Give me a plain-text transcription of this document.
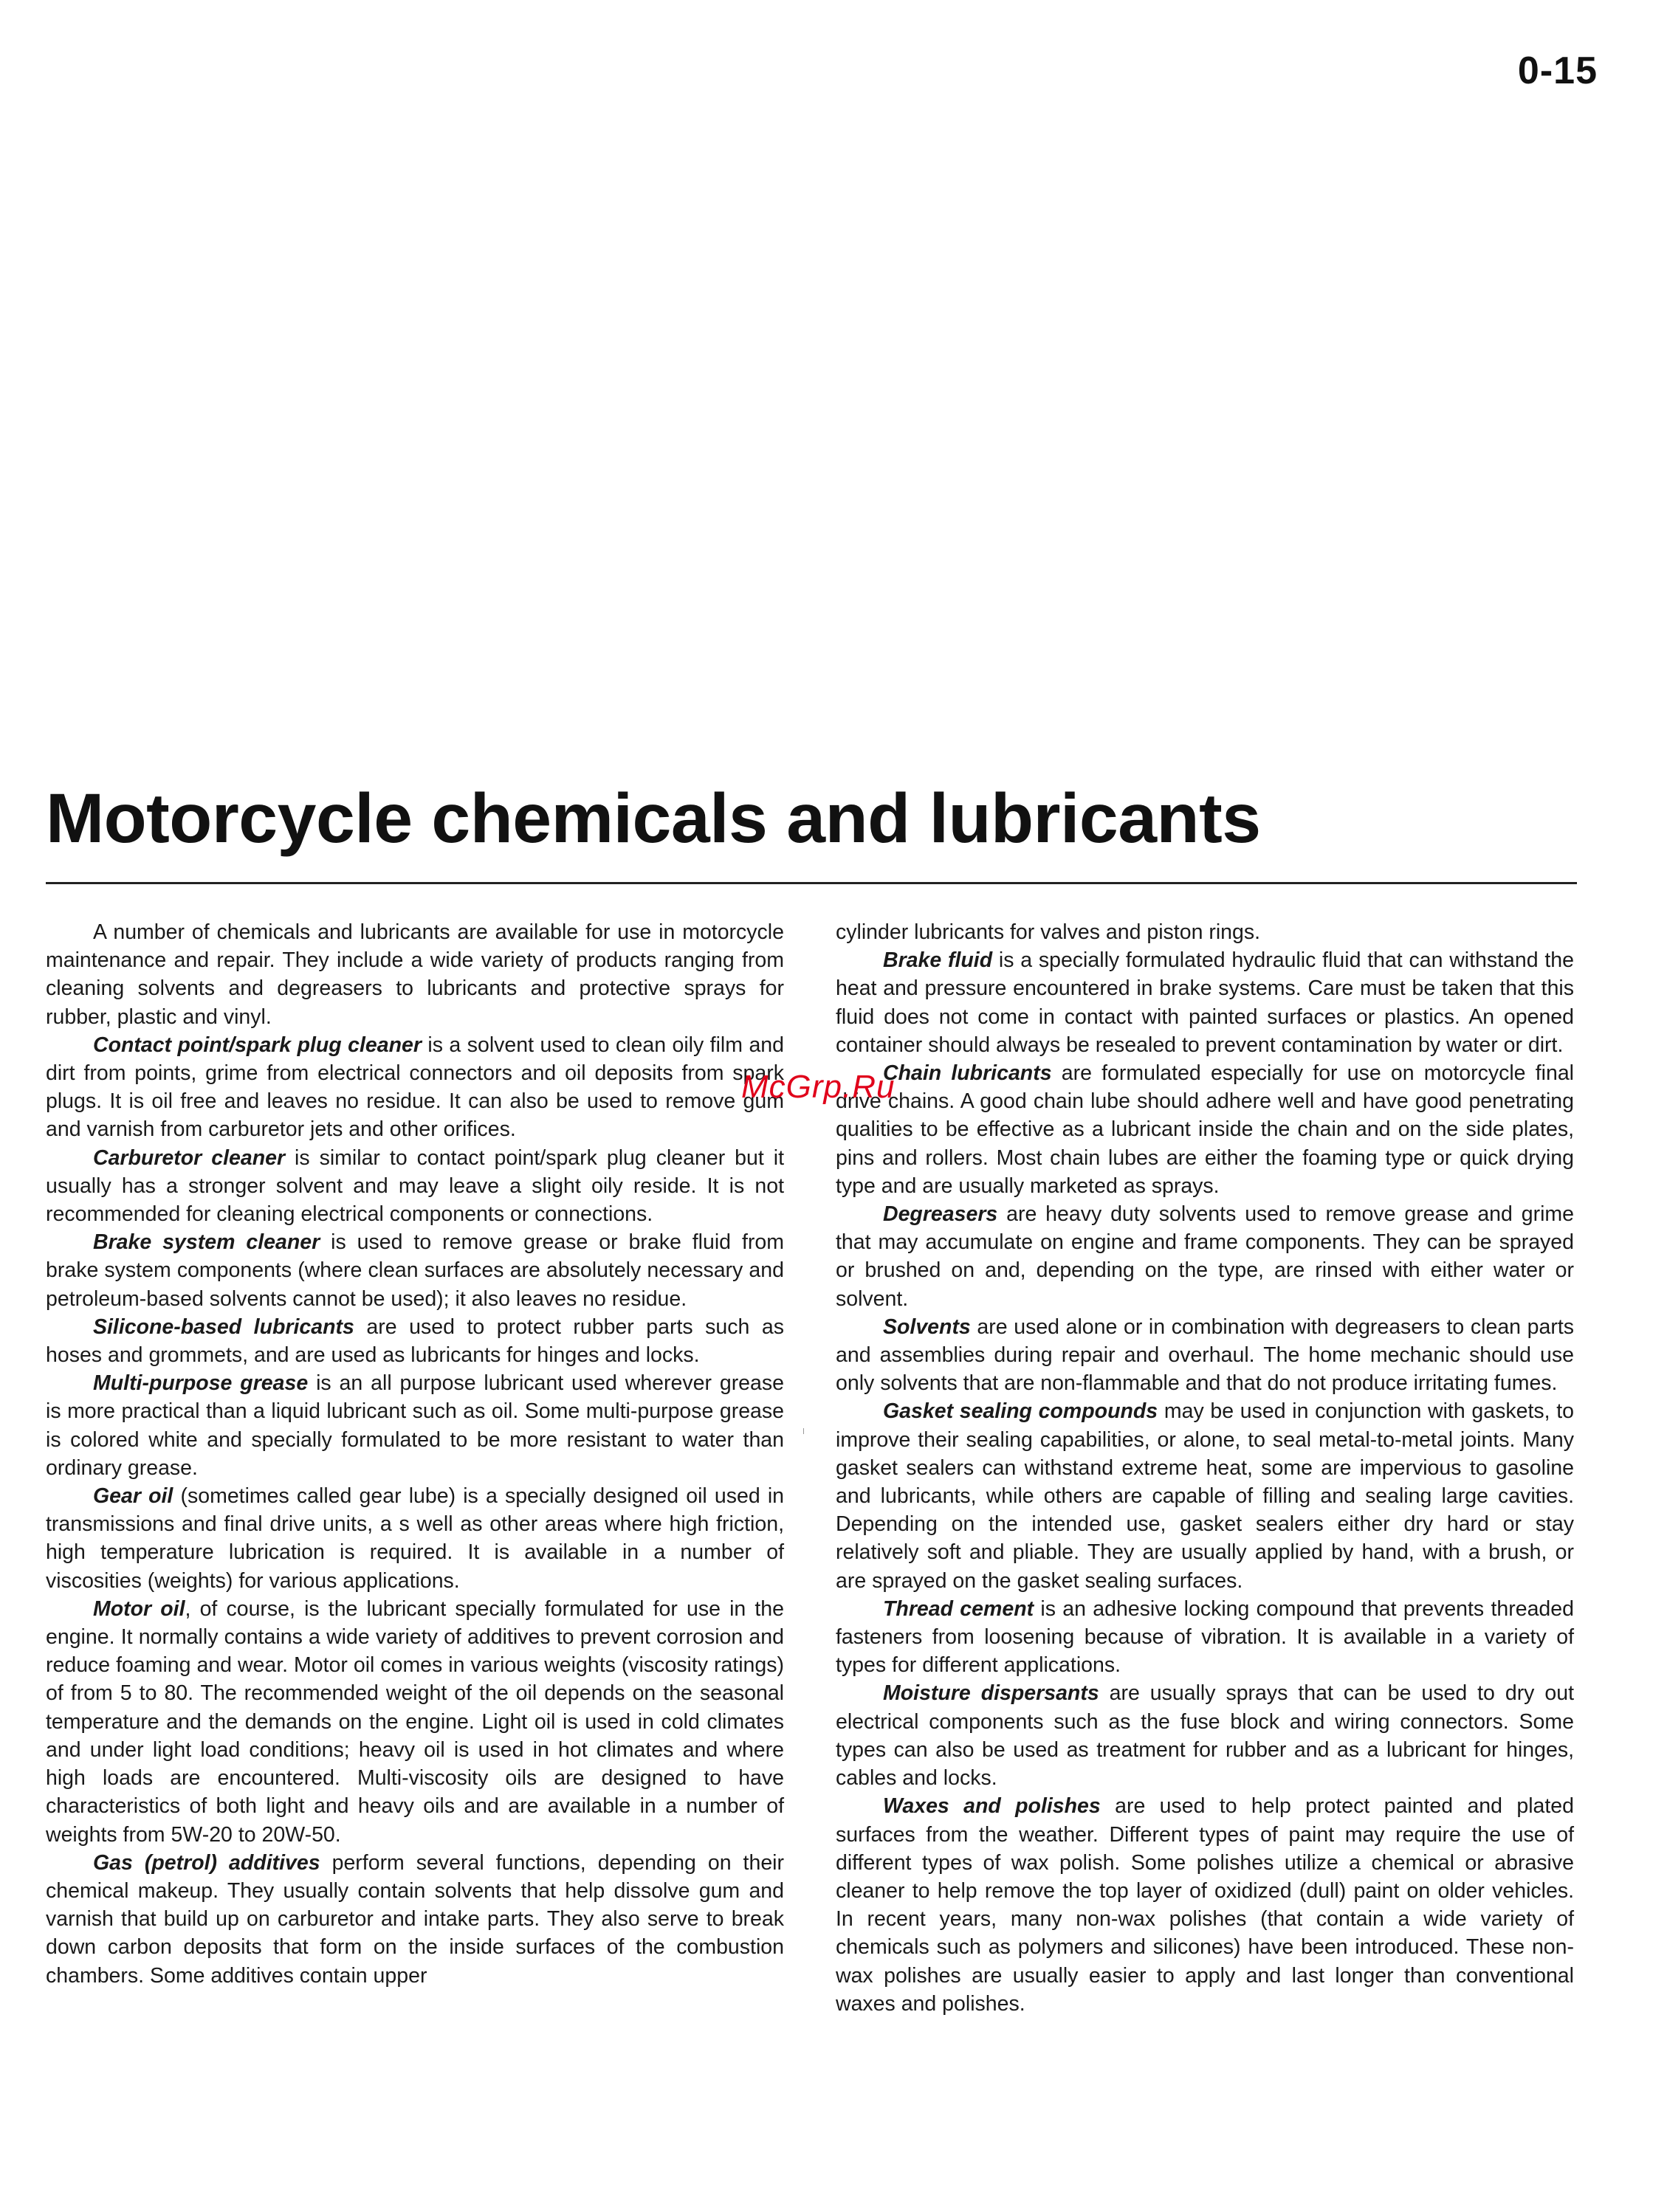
0-15
Motorcycle chemicals and lubricants

A number of chemicals and lubricants are available for use in motorcycle maintenance and repair. They include a wide variety of products ranging from cleaning solvents and degreasers to lubricants and protective sprays for rubber, plastic and vinyl.

Contact point/spark plug cleaner is a solvent used to clean oily film and dirt from points, grime from electrical connectors and oil deposits from spark plugs. It is oil free and leaves no residue. It can also be used to remove gum and varnish from carburetor jets and other orifices.

Carburetor cleaner is similar to contact point/spark plug cleaner but it usually has a stronger solvent and may leave a slight oily reside. It is not recommended for cleaning electrical components or connections.

Brake system cleaner is used to remove grease or brake fluid from brake system components (where clean surfaces are absolutely necessary and petroleum-based solvents cannot be used); it also leaves no residue.

Silicone-based lubricants are used to protect rubber parts such as hoses and grommets, and are used as lubricants for hinges and locks.

Multi-purpose grease is an all purpose lubricant used wherever grease is more practical than a liquid lubricant such as oil. Some multi-purpose grease is colored white and specially formulated to be more resistant to water than ordinary grease.

Gear oil (sometimes called gear lube) is a specially designed oil used in transmissions and final drive units, a s well as other areas where high friction, high temperature lubrication is required. It is available in a number of viscosities (weights) for various applications.

Motor oil, of course, is the lubricant specially formulated for use in the engine. It normally contains a wide variety of additives to prevent corrosion and reduce foaming and wear. Motor oil comes in various weights (viscosity ratings) of from 5 to 80. The recommended weight of the oil depends on the seasonal temperature and the demands on the engine. Light oil is used in cold climates and under light load conditions; heavy oil is used in hot climates and where high loads are encountered. Multi-viscosity oils are designed to have characteristics of both light and heavy oils and are available in a number of weights from 5W-20 to 20W-50.

Gas (petrol) additives perform several functions, depending on their chemical makeup. They usually contain solvents that help dissolve gum and varnish that build up on carburetor and intake parts. They also serve to break down carbon deposits that form on the inside surfaces of the combustion chambers. Some additives contain upper

cylinder lubricants for valves and piston rings.

Brake fluid is a specially formulated hydraulic fluid that can withstand the heat and pressure encountered in brake systems. Care must be taken that this fluid does not come in contact with painted surfaces or plastics. An opened container should always be resealed to prevent contamination by water or dirt.

Chain lubricants are formulated especially for use on motorcycle final drive chains. A good chain lube should adhere well and have good penetrating qualities to be effective as a lubricant inside the chain and on the side plates, pins and rollers. Most chain lubes are either the foaming type or quick drying type and are usually marketed as sprays.

Degreasers are heavy duty solvents used to remove grease and grime that may accumulate on engine and frame components. They can be sprayed or brushed on and, depending on the type, are rinsed with either water or solvent.

Solvents are used alone or in combination with degreasers to clean parts and assemblies during repair and overhaul. The home mechanic should use only solvents that are non-flammable and that do not produce irritating fumes.

Gasket sealing compounds may be used in conjunction with gaskets, to improve their sealing capabilities, or alone, to seal metal-to-metal joints. Many gasket sealers can withstand extreme heat, some are impervious to gasoline and lubricants, while others are capable of filling and sealing large cavities. Depending on the intended use, gasket sealers either dry hard or stay relatively soft and pliable. They are usually applied by hand, with a brush, or are sprayed on the gasket sealing surfaces.

Thread cement is an adhesive locking compound that prevents threaded fasteners from loosening because of vibration. It is available in a variety of types for different applications.

Moisture dispersants are usually sprays that can be used to dry out electrical components such as the fuse block and wiring connectors. Some types can also be used as treatment for rubber and as a lubricant for hinges, cables and locks.

Waxes and polishes are used to help protect painted and plated surfaces from the weather. Different types of paint may require the use of different types of wax polish. Some polishes utilize a chemical or abrasive cleaner to help remove the top layer of oxidized (dull) paint on older vehicles. In recent years, many non-wax polishes (that contain a wide variety of chemicals such as polymers and silicones) have been introduced. These non-wax polishes are usually easier to apply and last longer than conventional waxes and polishes.

McGrp.Ru
